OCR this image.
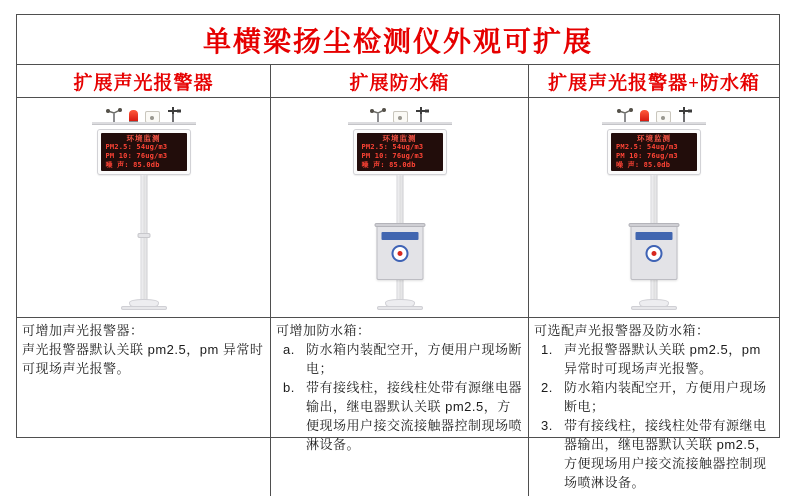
单横梁扬尘检测仪外观可扩展
扩展声光报警器	扩展防水箱	扩展声光报警器+防水箱
环境监测
PM2.5: 54ug/m3
PM 10: 76ug/m3
噪 声: 85.0db
环境监测
PM2.5: 54ug/m3
PM 10: 76ug/m3
噪 声: 85.0db
环境监测
PM2.5: 54ug/m3
PM 10: 76ug/m3
噪 声: 85.0db
可增加声光报警器：
声光报警器默认关联 pm2.5，pm 异常时可现场声光报警。
可增加防水箱：
a. 防水箱内装配空开，方便用户现场断电；
b. 带有接线柱，接线柱处带有源继电器输出，继电器默认关联 pm2.5，方便现场用户接交流接触器控制现场喷淋设备。
可选配声光报警器及防水箱：
1. 声光报警器默认关联 pm2.5，pm 异常时可现场声光报警。
2. 防水箱内装配空开，方便用户现场断电；
3. 带有接线柱，接线柱处带有源继电器输出，继电器默认关联 pm2.5，方便现场用户接交流接触器控制现场喷淋设备。
